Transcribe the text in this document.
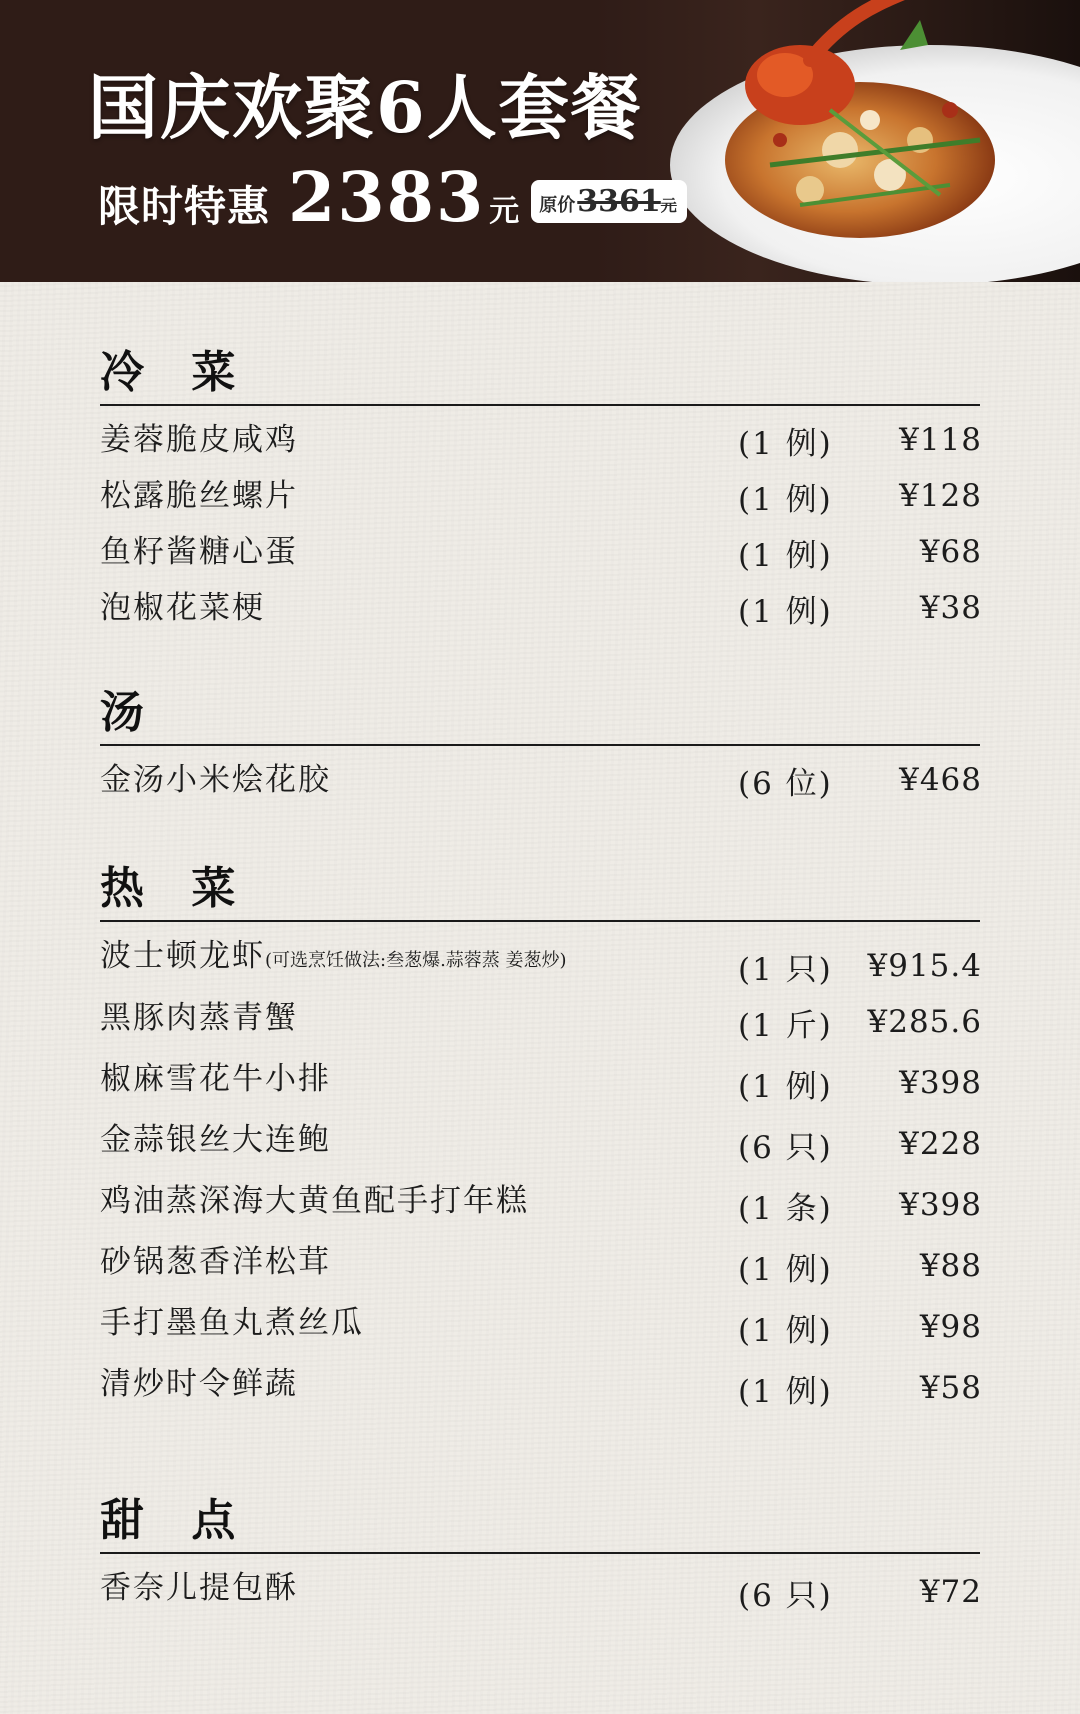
国庆欢聚6人套餐
限时特惠 2383 元 原价 3361 元
冷 菜
姜蓉脆皮咸鸡	(1 例) ¥118
松露脆丝螺片	(1 例) ¥128
鱼籽酱糖心蛋	(1 例)	¥68
泡椒花菜梗	(1 例)	¥38
汤
金汤小米烩花胶	(6 位) ¥468
热 菜
波士顿龙虾(可选烹饪做法:叁葱爆.蒜蓉蒸 姜葱炒)	(1 只) ¥915.4
黑豚肉蒸青蟹	(1 斤) ¥285.6
椒麻雪花牛小排	(1 例) ¥398
金蒜银丝大连鲍	(6 只) ¥228
鸡油蒸深海大黄鱼配手打年糕	(1 条) ¥398
砂锅葱香洋松茸	(1 例)	¥88
手打墨鱼丸煮丝瓜	(1 例)	¥98
清炒时令鲜蔬	(1 例)	¥58
甜 点
香奈儿提包酥	(6 只)	¥72
